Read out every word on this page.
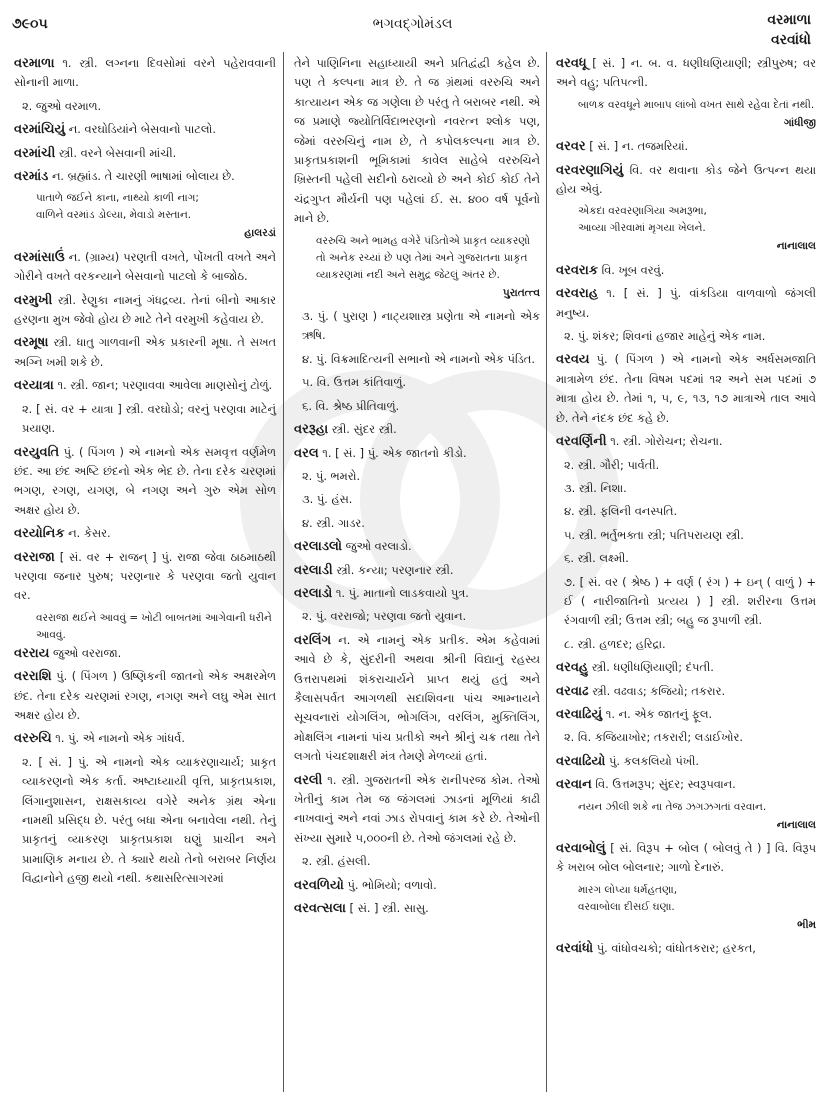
૭૯૦૫	ભગવદ્ગોમંડલ	વરમાળા
વરવાંધો
વરમાળા ૧. સ્ત્રી. લગ્નના દિવસોમાં વરને પહેરાવવાની સોનાની માળા.
૨. જુઓ વરમાળ.
વરમાંચિયું ન. વરઘોડિયાંને બેસવાનો પાટલો.
વરમાંચી સ્ત્રી. વરને બેસવાની માંચી.
વરમાંડ ન. બ્રહ્માંડ. તે ચારણી ભાષામાં બોલાય છે.
પાતાળે જઈને કાના, નાથ્યો કાળી નાગ;
વાળિને વરમાંડ ડોલ્યા, મેવાડો મસ્તાન.
હાલરડાં
વરમાંસાઉં ન. (ગ્રામ્ય) પરણતી વખતે, પોંખતી વખતે અને ગોરીને વખતે વરકન્યાને બેસવાનો પાટલો કે બાજોઠ.
વરમુખી સ્ત્રી. રેણુકા નામનું ગંધદ્રવ્ય. તેનાં બીનો આકાર હરણના મુખ જેવો હોય છે માટે તેને વરમુખી કહેવાય છે.
વરમૂષા સ્ત્રી. ધાતુ ગાળવાની એક પ્રકારની મૂષા. તે સખત અગ્નિ ખમી શકે છે.
વરયાત્રા ૧. સ્ત્રી. જાન; પરણાવવા આવેલા માણસોનું ટોળું.
૨. [ સં. વર + યાત્રા ] સ્ત્રી. વરઘોડો; વરનું પરણવા માટેનું પ્રયાણ.
વરયુવતિ પું. ( પિંગળ ) એ નામનો એક સમવૃત્ત વર્ણમેળ છંદ. આ છંદ અષ્ટિ છંદનો એક ભેદ છે. તેના દરેક ચરણમાં ભગણ, રગણ, યગણ, બે નગણ અને ગુરુ એમ સોળ અક્ષર હોય છે.
વરયોનિક ન. કેસર.
વરરાજા [ સં. વર + રાજન્ ] પું. રાજા જેવા ઠાઠમાઠથી પરણવા જનાર પુરુષ; પરણનાર કે પરણવા જતો યુવાન વર.
વરરાજા થઈને આવવું = ખોટી બાબતમાં આગેવાની ધરીને આવવું.
વરરાય જુઓ વરરાજા.
વરરાશિ પું. ( પિંગળ ) ઉષ્ણિકની જાતનો એક અક્ષરમેળ છંદ. તેના દરેક ચરણમાં રગણ, નગણ અને લઘુ એમ સાત અક્ષર હોય છે.
વરરુચિ ૧. પું. એ નામનો એક ગાંધર્વ.
૨. [ સં. ] પું. એ નામનો એક વ્યાકરણાચાર્ય; પ્રાકૃત વ્યાકરણનો એક કર્તા. અષ્ટાધ્યાયી વૃત્તિ, પ્રાકૃતપ્રકાશ, લિંગાનુશાસન, રાક્ષસકાવ્ય વગેરે અનેક ગ્રંથ એના નામથી પ્રસિદ્ધ છે. પરંતુ બધા એના બનાવેલા નથી. તેનું પ્રાકૃતનું વ્યાકરણ પ્રાકૃતપ્રકાશ ઘણું પ્રાચીન અને પ્રામાણિક મનાય છે. તે ક્યારે થયો તેનો બરાબર નિર્ણય વિદ્વાનોને હજી થયો નથી. કથાસરિત્સાગરમાં
તેને પાણિનિના સહાધ્યાયી અને પ્રતિદ્વંદ્વી કહેલ છે. પણ તે કલ્પના માત્ર છે. તે જ ગ્રંથમાં વરરુચિ અને કાત્યાયન એક જ ગણેલા છે પરંતુ તે બરાબર નથી. એ જ પ્રમાણે જ્યોતિર્વિદાભરણનો નવરત્ન શ્લોક પણ, જેમાં વરરુચિનું નામ છે, તે કપોલકલ્પના માત્ર છે. પ્રાકૃતપ્રકાશની ભૂમિકામાં કાવેલ સાહેબે વરરુચિને ખ્રિસ્તની પહેલી સદીનો ઠરાવ્યો છે અને કોઈ કોઈ તેને ચંદ્રગુપ્ત મૌર્યની પણ પહેલાં ઈ. સ. ૪૦૦ વર્ષ પૂર્વનો માને છે.
વરરુચિ અને ભામહ વગેરે પંડિતોએ પ્રાકૃત વ્યાકરણો તો અનેક રચ્યાં છે પણ તેમાં અને ગુજરાતના પ્રાકૃત વ્યાકરણમાં નદી અને સમુદ્ર જેટલું અંતર છે.
પુરાતત્ત્વ
૩. પું. ( પુરાણ ) નાટ્યશાસ્ત્ર પ્રણેતા એ નામનો એક ઋષિ.
૪. પું. વિક્રમાદિત્યની સભાનો એ નામનો એક પંડિત.
૫. વિ. ઉત્તમ કાંતિવાળું.
૬. વિ. શ્રેષ્ઠ પ્રીતિવાળું.
વરરૂહા સ્ત્રી. સુંદર સ્ત્રી.
વરલ ૧. [ સં. ] પું. એક જાતનો કીડો.
૨. પું. ભમરો.
૩. પું. હંસ.
૪. સ્ત્રી. ગાડર.
વરલાડલો જુઓ વરલાડો.
વરલાડી સ્ત્રી. કન્યા; પરણનાર સ્ત્રી.
વરલાડો ૧. પું. માતાનો લાડકવાયો પુત્ર.
૨. પું. વરરાજો; પરણવા જતો યુવાન.
વરલિંગ ન. એ નામનું એક પ્રતીક. એમ કહેવામાં આવે છે કે, સુંદરીની અથવા શ્રીની વિદ્યાનું રહસ્ય ઉત્તરાપથમાં શંકરાચાર્યને પ્રાપ્ત થયું હતું અને કૈલાસપર્વત આગળથી સદાશિવના પાંચ આમ્નાયને સૂચવનારાં યોગલિંગ, ભોગલિંગ, વરલિંગ, મુક્તિલિંગ, મોક્ષલિંગ નામનાં પાંચ પ્રતીકો અને શ્રીનું ચક્ર તથા તેને લગતો પંચદશાક્ષરી મંત્ર તેમણે મેળવ્યાં હતાં.
વરલી ૧. સ્ત્રી. ગુજરાતની એક રાનીપરજ કોમ. તેઓ ખેતીનું કામ તેમ જ જંગલમાં ઝાડનાં મૂળિયાં કાઢી નાખવાનું અને નવાં ઝાડ રોપવાનું કામ કરે છે. તેઓની સંખ્યા સુમારે ૫,૦૦૦ની છે. તેઓ જંગલમાં રહે છે.
૨. સ્ત્રી. હંસલી.
વરવળિયો પું. ભોમિયો; વળાવો.
વરવત્સલા [ સં. ] સ્ત્રી. સાસુ.
વરવધૂ [ સં. ] ન. બ. વ. ધણીધણિયાણી; સ્ત્રીપુરુષ; વર અને વહુ; પતિપત્ની.
બાળક વરવધૂને માબાપ લાંબો વખત સાથે રહેવા દેતાં નથી.
ગાંધીજી
વરવર [ સં. ] ન. તજમરિયાં.
વરવરણાગિયું વિ. વર થવાના કોડ જેને ઉત્પન્ન થયા હોય એવું.
એકદા વરવરણાગિયા અમરૂભા,
આવ્યા ગીરવામાં મૃગયા ખેલને.
નાનાલાલ
વરવરાક વિ. ખૂબ વરવું.
વરવરાહ ૧. [ સં. ] પું. વાંકડિયા વાળવાળો જંગલી મનુષ્ય.
૨. પું. શંકર; શિવનાં હજાર માહેનું એક નામ.
વરવય પું. ( પિંગળ ) એ નામનો એક અર્ધસમજાતિ માત્રામેળ છંદ. તેના વિષમ પદમાં ૧૨ અને સમ પદમાં ૭ માત્રા હોય છે. તેમાં ૧, ૫, ૯, ૧૩, ૧૭ માત્રાએ તાલ આવે છે. તેને નંદક છંદ કહે છે.
વરવર્ણિની ૧. સ્ત્રી. ગોરોચન; રોચના.
૨. સ્ત્રી. ગૌરી; પાર્વતી.
૩. સ્ત્રી. નિશા.
૪. સ્ત્રી. ફલિની વનસ્પતિ.
૫. સ્ત્રી. ભર્તુભક્તા સ્ત્રી; પતિપરાયણ સ્ત્રી.
૬. સ્ત્રી. લક્ષ્મી.
૭. [ સં. વર ( શ્રેષ્ઠ ) + વર્ણ ( રંગ ) + ઇન્ ( વાળું ) + ઈ ( નારીજાતિનો પ્રત્યય ) ] સ્ત્રી. શરીરના ઉત્તમ રંગવાળી સ્ત્રી; ઉત્તમ સ્ત્રી; બહુ જ રૂપાળી સ્ત્રી.
૮. સ્ત્રી. હળદર; હરિદ્રા.
વરવહુ સ્ત્રી. ધણીધણિયાણી; દંપતી.
વરવાઢ સ્ત્રી. વઢવાડ; કજિયો; તકરાર.
વરવાઢિયું ૧. ન. એક જાતનું ફૂલ.
૨. વિ. કજિયાખોર; તકરારી; લડાઈખોર.
વરવાઢિયો પું. કલકલિયો પંખી.
વરવાન વિ. ઉત્તમરૂપ; સુંદર; સ્વરૂપવાન.
નયન ઝીલી શકે ના તેજ ઝગઝગતાં વરવાન.
નાનાલાલ
વરવાબોલું [ સં. વિરૂપ + બોલ ( બોલવું તે ) ] વિ. વિરૂપ કે ખરાબ બોલ બોલનાર; ગાળો દેનારું.
મારગ લોપ્યા ધર્મહતણા,
વરવાબોલા દીસઈ ઘણા.
ભીમ
વરવાંધો પું. વાંધોવચકો; વાંધોતકરાર; હરકત,
